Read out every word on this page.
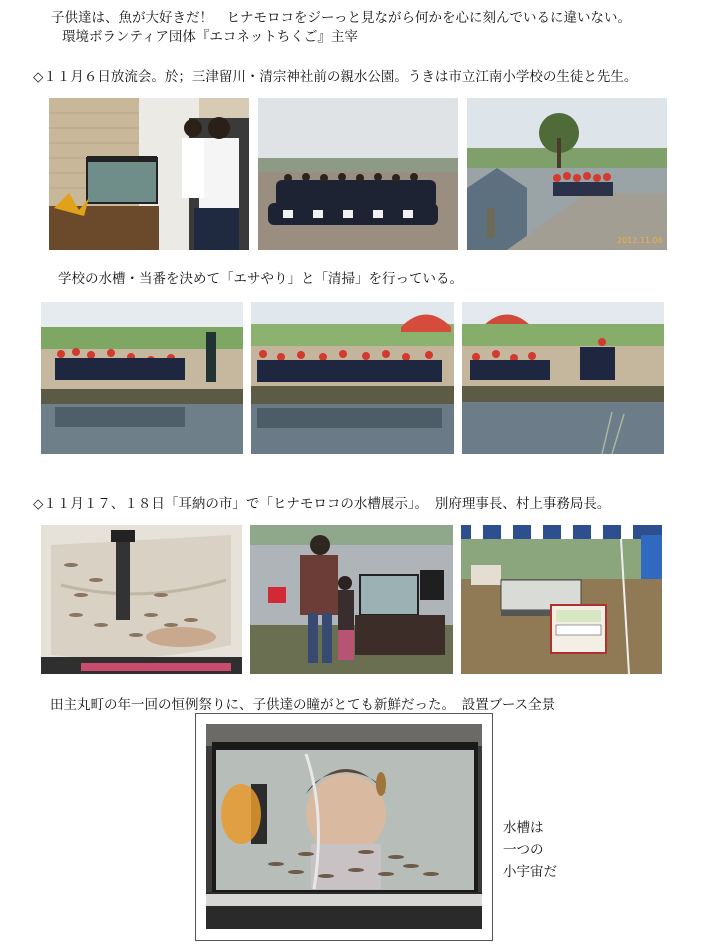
子供達は、魚が大好きだ！　ヒナモロコをジーっと見ながら何かを心に刻んでいるに違いない。
環境ボランティア団体『エコネットちくご』主宰
◇１１月６日放流会。於；三津留川・清宗神社前の親水公園。うきは市立江南小学校の生徒と先生。
2012.11.06
学校の水槽・当番を決めて「エサやり」と「清掃」を行っている。
◇１１月１７、１８日「耳納の市」で「ヒナモロコの水槽展示」。　別府理事長、村上事務局長。
田主丸町の年一回の恒例祭りに、子供達の瞳がとても新鮮だった。　設置ブース全景
水槽は
一つの
小宇宙だ
